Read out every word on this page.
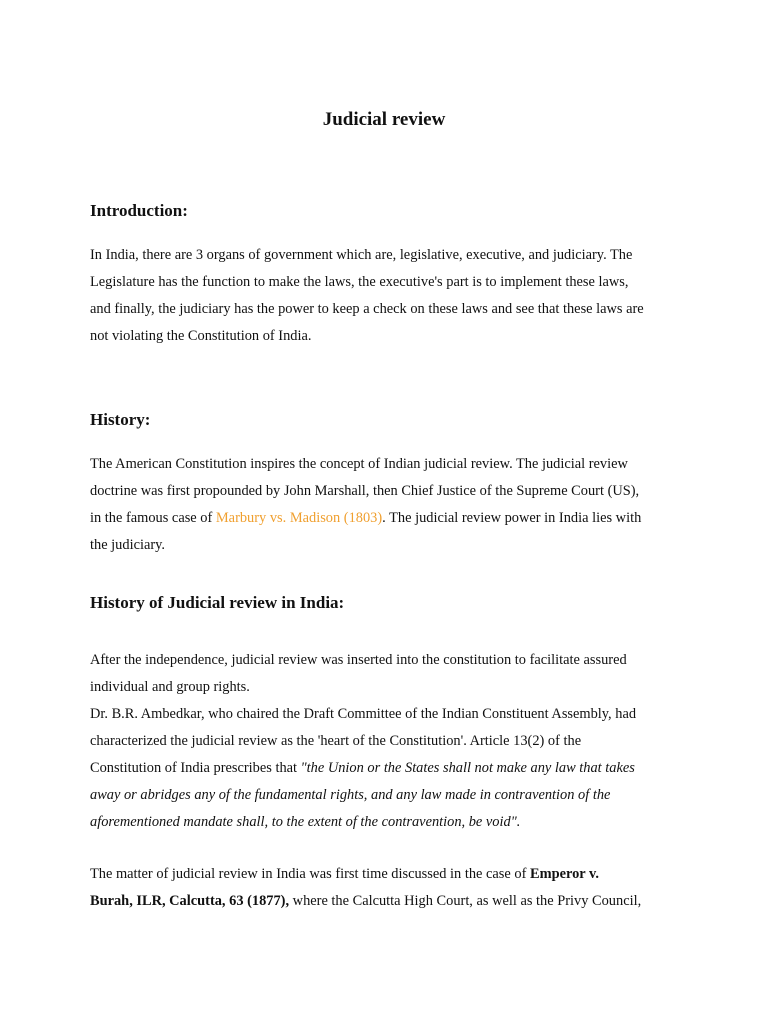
Judicial review
Introduction:

In India, there are 3 organs of government which are, legislative, executive, and judiciary. The
Legislature has the function to make the laws, the executive's part is to implement these laws,
and finally, the judiciary has the power to keep a check on these laws and see that these laws are
not violating the Constitution of India.

History:

The American Constitution inspires the concept of Indian judicial review. The judicial review
doctrine was first propounded by John Marshall, then Chief Justice of the Supreme Court (US),
in the famous case of Marbury vs. Madison (1803). The judicial review power in India lies with
the judiciary.

History of Judicial review in India:

After the independence, judicial review was inserted into the constitution to facilitate assured
individual and group rights.
Dr. B.R. Ambedkar, who chaired the Draft Committee of the Indian Constituent Assembly, had
characterized the judicial review as the 'heart of the Constitution'. Article 13(2) of the
Constitution of India prescribes that "the Union or the States shall not make any law that takes
away or abridges any of the fundamental rights, and any law made in contravention of the
aforementioned mandate shall, to the extent of the contravention, be void".

The matter of judicial review in India was first time discussed in the case of Emperor v.
Burah, ILR, Calcutta, 63 (1877), where the Calcutta High Court, as well as the Privy Council,
